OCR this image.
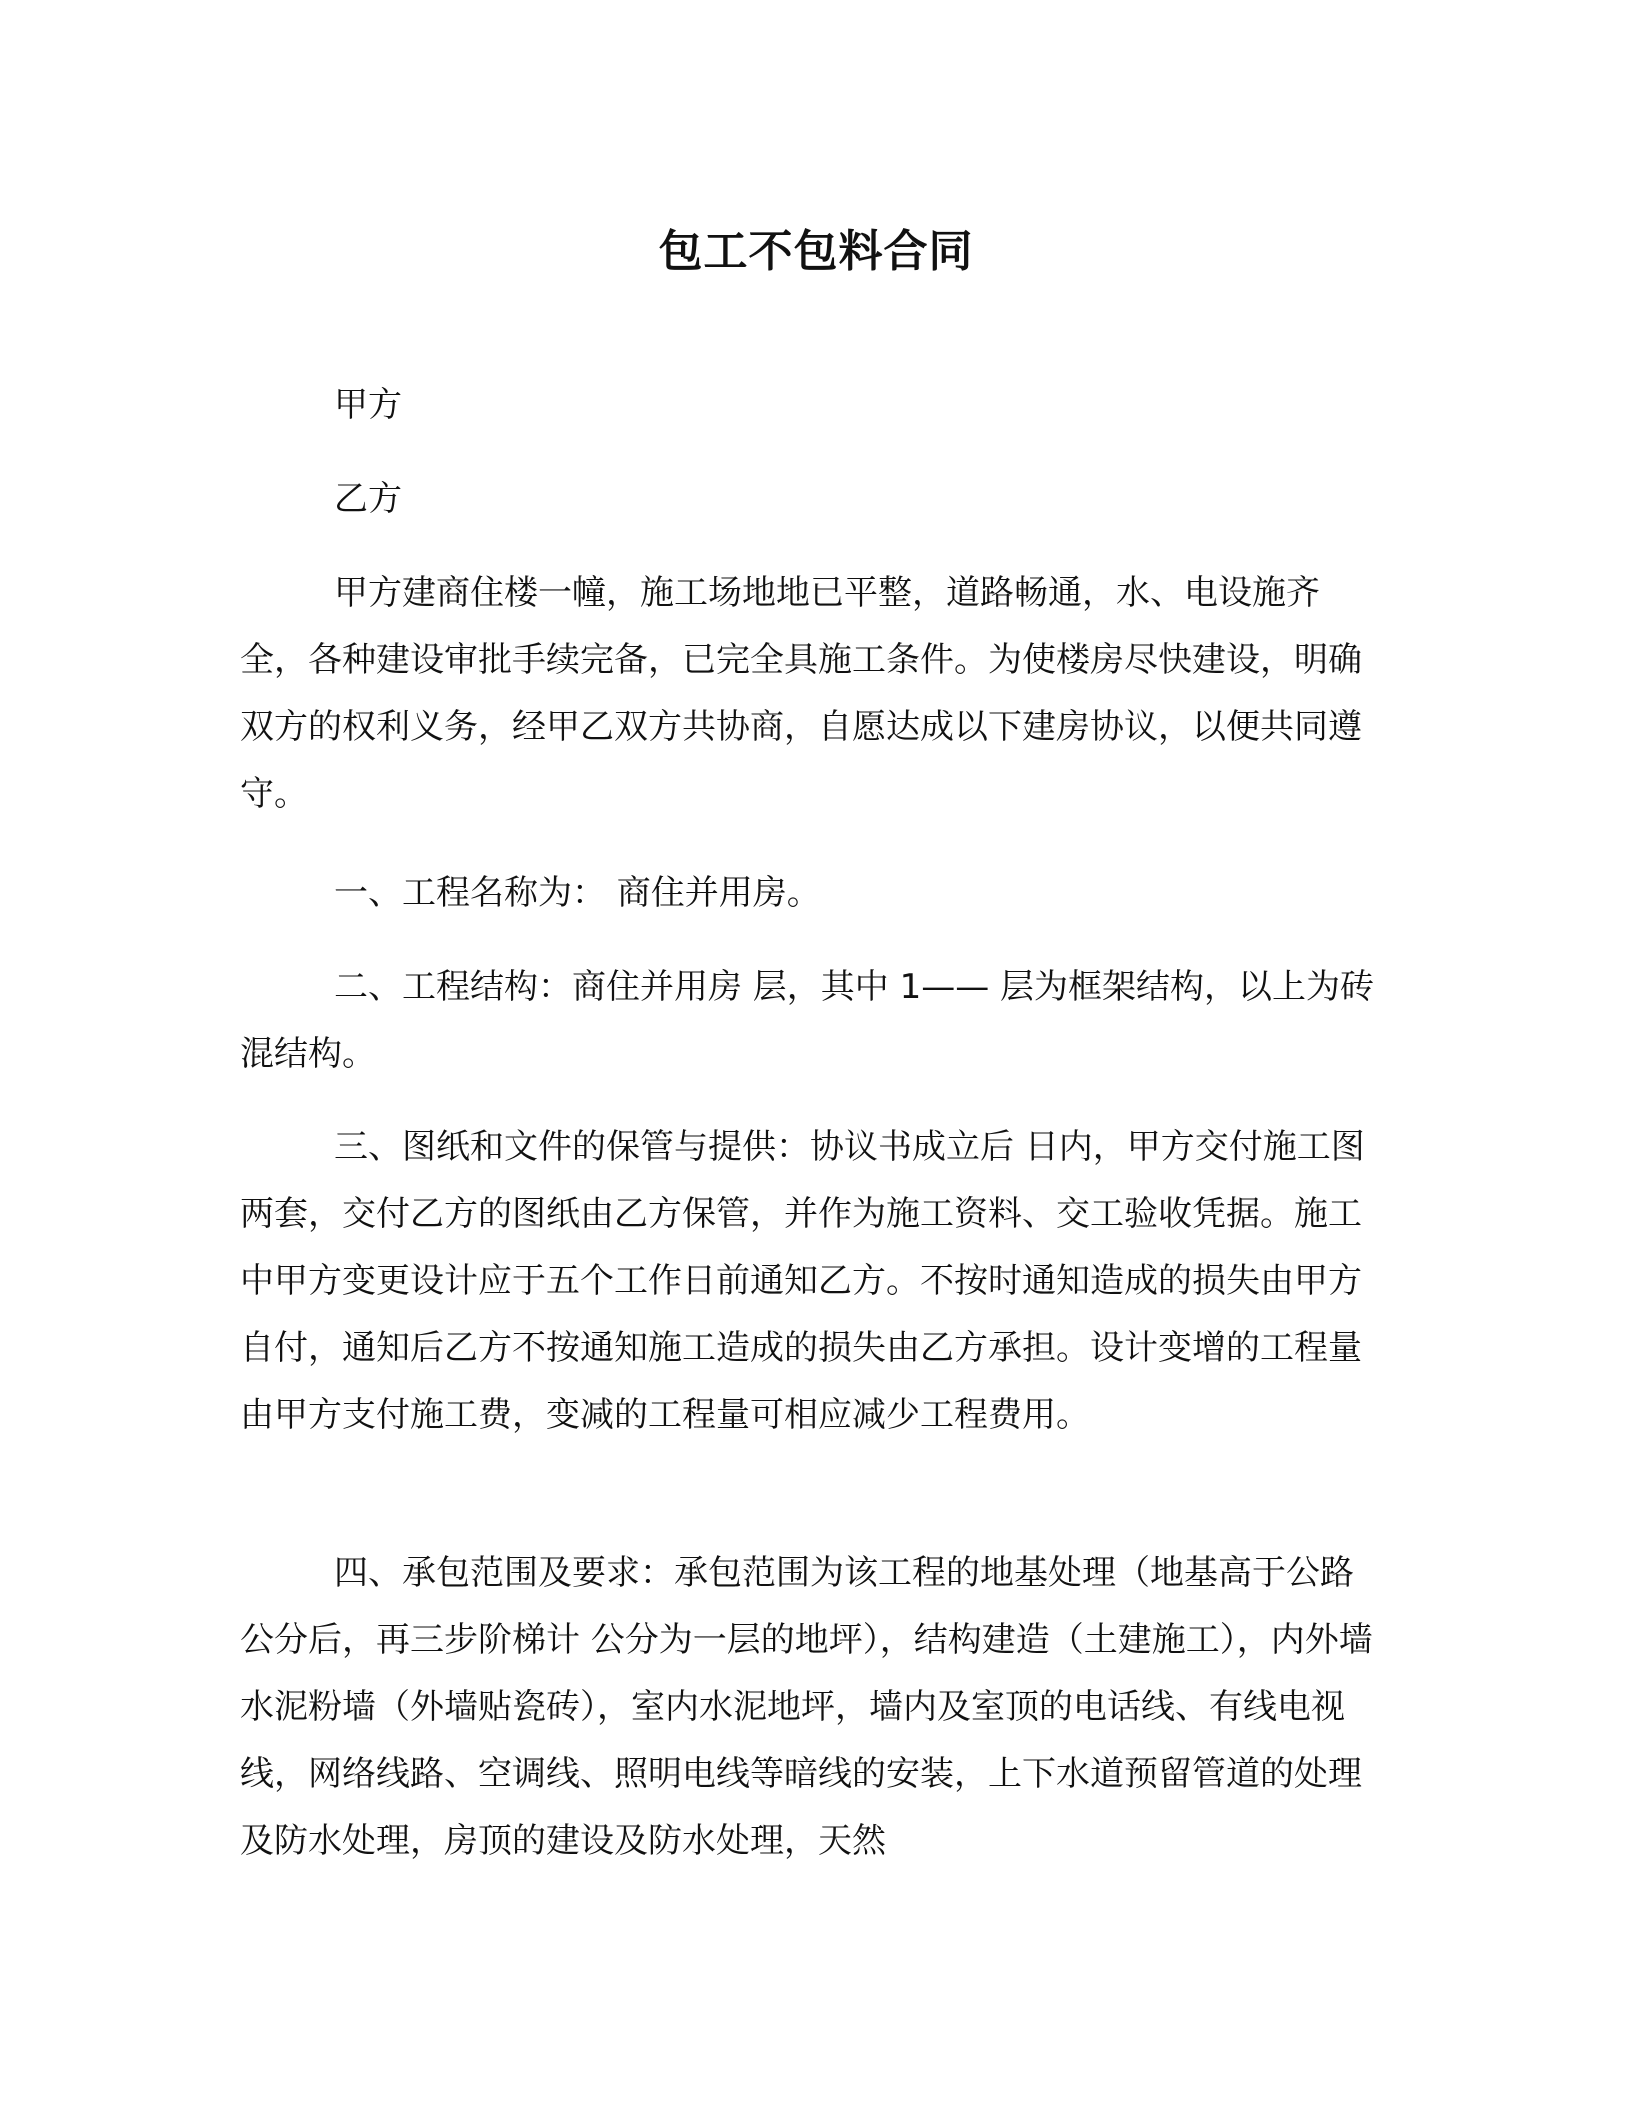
包工不包料合同

甲方

乙方

甲方建商住楼一幢，施工场地地已平整，道路畅通，水、电设施齐全，各种建设审批手续完备，已完全具施工条件。为使楼房尽快建设，明确双方的权利义务，经甲乙双方共协商，自愿达成以下建房协议，以便共同遵守。

一、工程名称为： 商住并用房。

二、工程结构：商住并用房 层，其中 1—— 层为框架结构，以上为砖混结构。

三、图纸和文件的保管与提供：协议书成立后 日内，甲方交付施工图两套，交付乙方的图纸由乙方保管，并作为施工资料、交工验收凭据。施工中甲方变更设计应于五个工作日前通知乙方。不按时通知造成的损失由甲方自付，通知后乙方不按通知施工造成的损失由乙方承担。设计变增的工程量由甲方支付施工费，变减的工程量可相应减少工程费用。

四、承包范围及要求：承包范围为该工程的地基处理（地基高于公路 公分后，再三步阶梯计 公分为一层的地坪），结构建造（土建施工），内外墙水泥粉墙（外墙贴瓷砖），室内水泥地坪，墙内及室顶的电话线、有线电视线，网络线路、空调线、照明电线等暗线的安装，上下水道预留管道的处理及防水处理，房顶的建设及防水处理，天然
